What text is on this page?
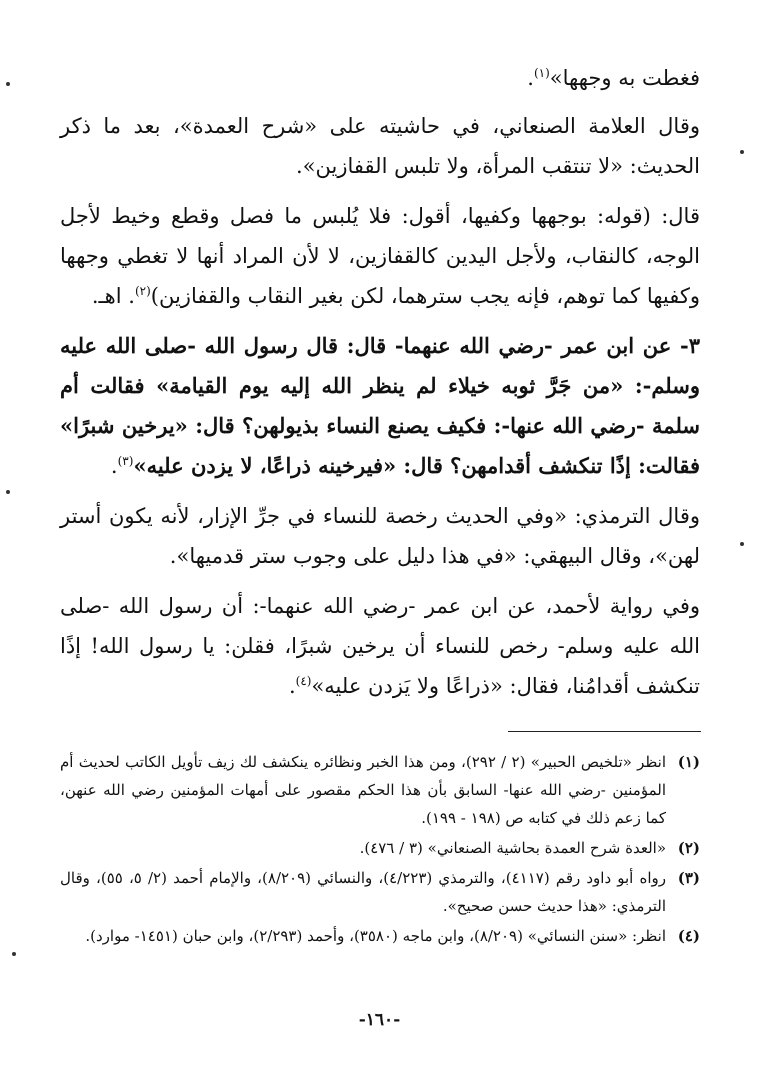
فغطت به وجهها»$^{(١)}$.

وقال العلامة الصنعاني، في حاشيته على «شرح العمدة»، بعد ما ذكر الحديث: «لا تنتقب المرأة، ولا تلبس القفازين».

قال: (قوله: بوجهها وكفيها، أقول: فلا يُلبس ما فصل وقطع وخيط لأجل الوجه، كالنقاب، ولأجل اليدين كالقفازين، لا لأن المراد أنها لا تغطي وجهها وكفيها كما توهم، فإنه يجب سترهما، لكن بغير النقاب والقفازين)$^{(٢)}$. اهـ.

٣- عن ابن عمر -رضي الله عنهما- قال: قال رسول الله -صلى الله عليه وسلم-: «من جَرَّ ثوبه خيلاء لم ينظر الله إليه يوم القيامة» فقالت أم سلمة -رضي الله عنها-: فكيف يصنع النساء بذيولهن؟ قال: «يرخين شبرًا» فقالت: إذًا تنكشف أقدامهن؟ قال: «فيرخينه ذراعًا، لا يزدن عليه»$^{(٣)}$.

وقال الترمذي: «وفي الحديث رخصة للنساء في جرِّ الإزار، لأنه يكون أستر لهن»، وقال البيهقي: «في هذا دليل على وجوب ستر قدميها».

وفي رواية لأحمد، عن ابن عمر -رضي الله عنهما-: أن رسول الله -صلى الله عليه وسلم- رخص للنساء أن يرخين شبرًا، فقلن: يا رسول الله! إذًا تنكشف أقدامُنا، فقال: «ذراعًا ولا يَزدن عليه»$^{(٤)}$.

(١)
انظر «تلخيص الحبير» (٢ / ٢٩٢)، ومن هذا الخبر ونظائره ينكشف لك زيف تأويل الكاتب لحديث أم المؤمنين -رضي الله عنها- السابق بأن هذا الحكم مقصور على أمهات المؤمنين رضي الله عنهن، كما زعم ذلك في كتابه ص (١٩٨ - ١٩٩).
(٢)
«العدة شرح العمدة بحاشية الصنعاني» (٣ / ٤٧٦).
(٣)
رواه أبو داود رقم (٤١١٧)، والترمذي (٤/٢٢٣)، والنسائي (٨/٢٠٩)، والإمام أحمد (٢/ ٥، ٥٥)، وقال الترمذي: «هذا حديث حسن صحيح».
(٤)
انظر: «سنن النسائي» (٨/٢٠٩)، وابن ماجه (٣٥٨٠)، وأحمد (٢/٢٩٣)، وابن حبان (١٤٥١- موارد).
-١٦٠-
